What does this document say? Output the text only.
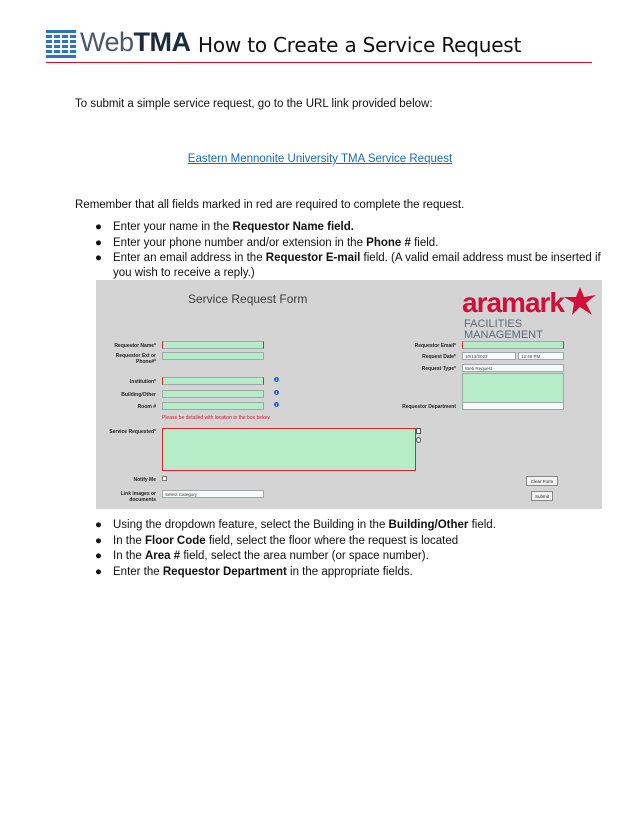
WebTMA How to Create a Service Request
To submit a simple service request, go to the URL link provided below:
Eastern Mennonite University TMA Service Request
Remember that all fields marked in red are required to complete the request.
● Enter your name in the Requestor Name field.
● Enter your phone number and/or extension in the Phone # field.
● Enter an email address in the Requestor E-mail field. (A valid email address must be inserted if you wish to receive a reply.)
Service Request Form	aramark
FACILITIES
MANAGEMENT
Requestor Name*
Requestor Ext or Phone#*
Institution*	i
Building/Other	i
Room #	i
Please be detailed with location in the box below.
Service Requested*
Notify Me
Link images or documents
Select Category
Requestor Email*
Request Date* 10/13/2023	12:49 PM
Request Type* Web Request
Requestor Department
Clear Form
Submit
● Using the dropdown feature, select the Building in the Building/Other field.
● In the Floor Code field, select the floor where the request is located
● In the Area # field, select the area number (or space number).
● Enter the Requestor Department in the appropriate fields.
